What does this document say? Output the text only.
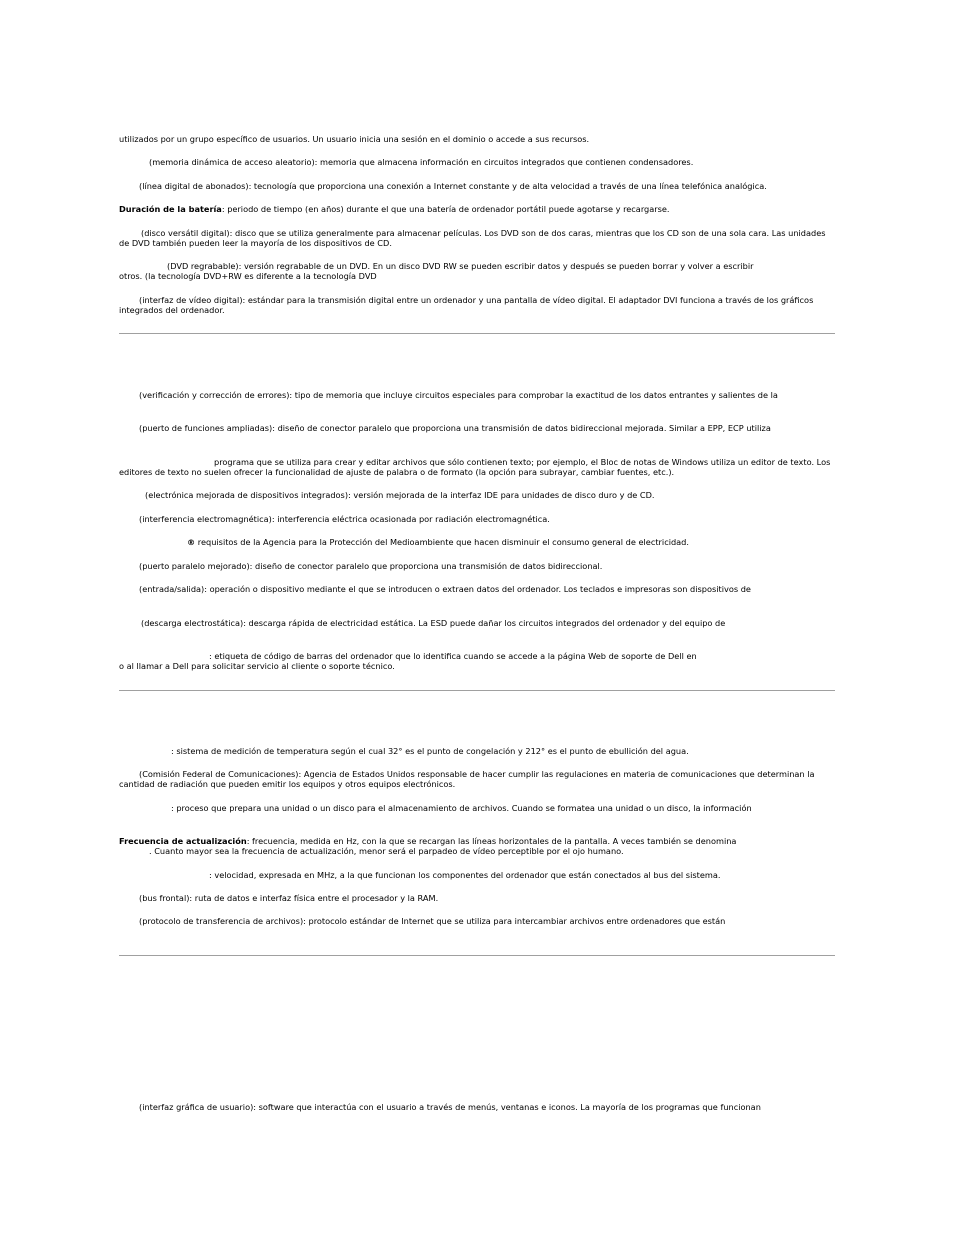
utilizados por un grupo específico de usuarios. Un usuario inicia una sesión en el dominio o accede a sus recursos.

(memoria dinámica de acceso aleatorio): memoria que almacena información en circuitos integrados que contienen condensadores.

(línea digital de abonados): tecnología que proporciona una conexión a Internet constante y de alta velocidad a través de una línea telefónica analógica.

Duración de la batería: periodo de tiempo (en años) durante el que una batería de ordenador portátil puede agotarse y recargarse.

(disco versátil digital): disco que se utiliza generalmente para almacenar películas. Los DVD son de dos caras, mientras que los CD son de una sola cara. Las unidades de DVD también pueden leer la mayoría de los dispositivos de CD.

(DVD regrabable): versión regrabable de un DVD. En un disco DVD RW se pueden escribir datos y después se pueden borrar y volver a escribir
otros. (la tecnología DVD+RW es diferente a la tecnología DVD

(interfaz de vídeo digital): estándar para la transmisión digital entre un ordenador y una pantalla de vídeo digital. El adaptador DVI funciona a través de los gráficos integrados del ordenador.

(verificación y corrección de errores): tipo de memoria que incluye circuitos especiales para comprobar la exactitud de los datos entrantes y salientes de la

(puerto de funciones ampliadas): diseño de conector paralelo que proporciona una transmisión de datos bidireccional mejorada. Similar a EPP, ECP utiliza

programa que se utiliza para crear y editar archivos que sólo contienen texto; por ejemplo, el Bloc de notas de Windows utiliza un editor de texto. Los editores de texto no suelen ofrecer la funcionalidad de ajuste de palabra o de formato (la opción para subrayar, cambiar fuentes, etc.).

(electrónica mejorada de dispositivos integrados): versión mejorada de la interfaz IDE para unidades de disco duro y de CD.

(interferencia electromagnética): interferencia eléctrica ocasionada por radiación electromagnética.

® requisitos de la Agencia para la Protección del Medioambiente que hacen disminuir el consumo general de electricidad.

(puerto paralelo mejorado): diseño de conector paralelo que proporciona una transmisión de datos bidireccional.

(entrada/salida): operación o dispositivo mediante el que se introducen o extraen datos del ordenador. Los teclados e impresoras son dispositivos de

(descarga electrostática): descarga rápida de electricidad estática. La ESD puede dañar los circuitos integrados del ordenador y del equipo de

: etiqueta de código de barras del ordenador que lo identifica cuando se accede a la página Web de soporte de Dell en
o al llamar a Dell para solicitar servicio al cliente o soporte técnico.

: sistema de medición de temperatura según el cual 32° es el punto de congelación y 212° es el punto de ebullición del agua.

(Comisión Federal de Comunicaciones): Agencia de Estados Unidos responsable de hacer cumplir las regulaciones en materia de comunicaciones que determinan la cantidad de radiación que pueden emitir los equipos y otros equipos electrónicos.

: proceso que prepara una unidad o un disco para el almacenamiento de archivos. Cuando se formatea una unidad o un disco, la información

Frecuencia de actualización: frecuencia, medida en Hz, con la que se recargan las líneas horizontales de la pantalla. A veces también se denomina
. Cuanto mayor sea la frecuencia de actualización, menor será el parpadeo de vídeo perceptible por el ojo humano.

: velocidad, expresada en MHz, a la que funcionan los componentes del ordenador que están conectados al bus del sistema.

(bus frontal): ruta de datos e interfaz física entre el procesador y la RAM.

(protocolo de transferencia de archivos): protocolo estándar de Internet que se utiliza para intercambiar archivos entre ordenadores que están

(interfaz gráfica de usuario): software que interactúa con el usuario a través de menús, ventanas e iconos. La mayoría de los programas que funcionan
